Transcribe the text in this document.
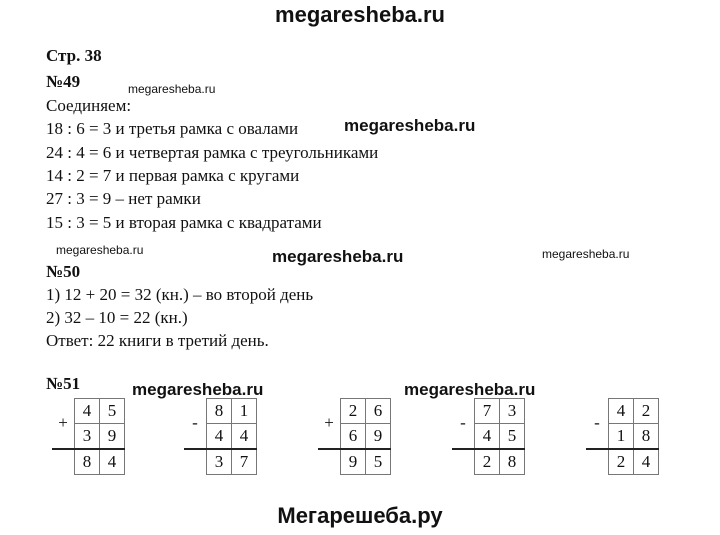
megaresheba.ru
Стр. 38
№49	megaresheba.ru
Соединяем:
18 : 6 = 3 и третья рамка с овалами	megaresheba.ru
24 : 4 = 6 и четвертая рамка с треугольниками
14 : 2 = 7 и первая рамка с кругами
27 : 3 = 9 – нет рамки
15 : 3 = 5 и вторая рамка с квадратами
megaresheba.ru	megaresheba.ru	megaresheba.ru
№50
1) 12 + 20 = 32 (кн.) – во второй день
2) 32 – 10 = 22 (кн.)
Ответ: 22 книги в третий день.
№51	megaresheba.ru	megaresheba.ru
+	4	5
	3	9
	8	4
-	8	1
	4	4
	3	7
+	2	6
	6	9
	9	5
-	7	3
	4	5
	2	8
-	4	2
	1	8
	2	4
Мегарешеба.ру
